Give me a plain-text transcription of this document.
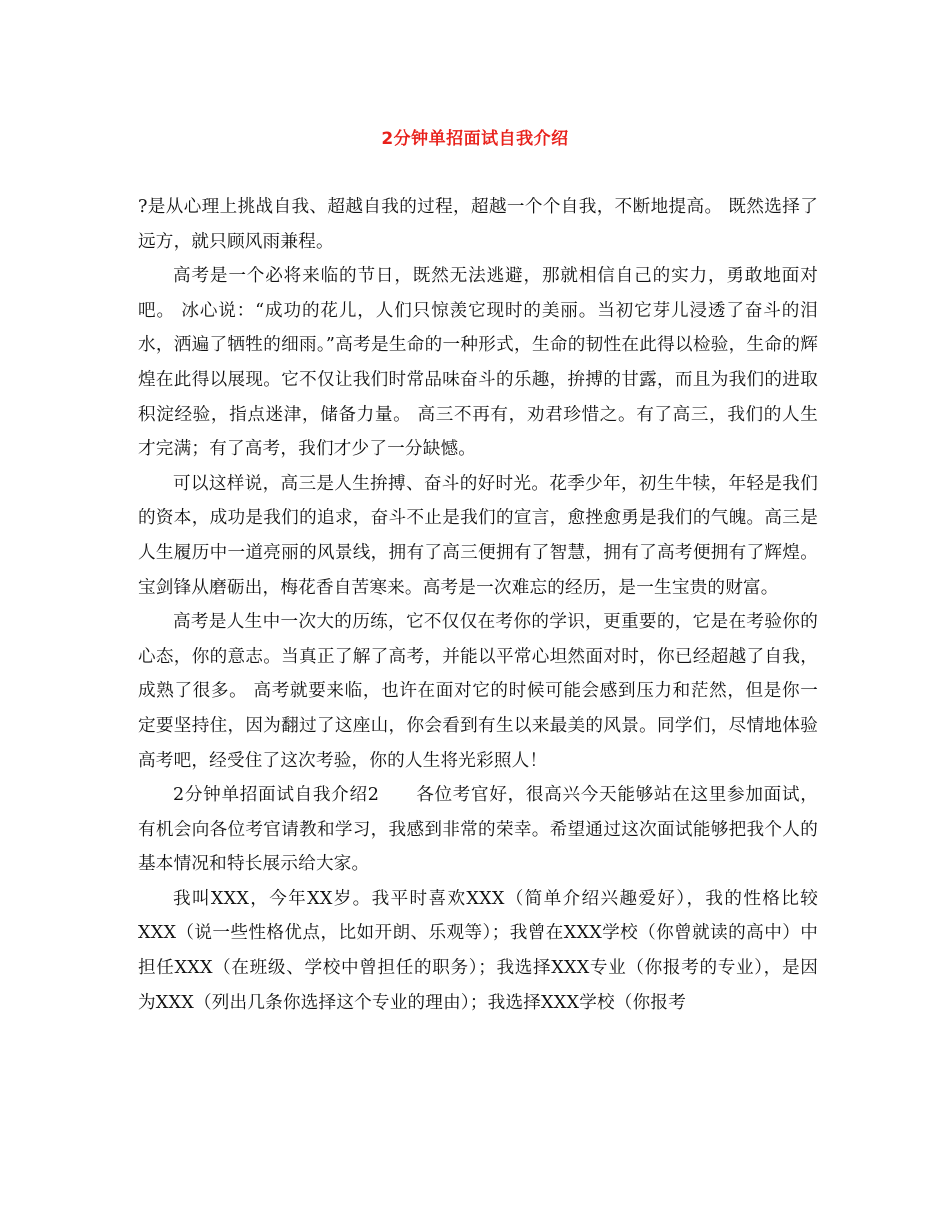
2分钟单招面试自我介绍

?是从心理上挑战自我、超越自我的过程，超越一个个自我，不断地提高。 既然选择了远方，就只顾风雨兼程。

高考是一个必将来临的节日，既然无法逃避，那就相信自己的实力，勇敢地面对吧。 冰心说：“成功的花儿，人们只惊羡它现时的美丽。当初它芽儿浸透了奋斗的泪水，洒遍了牺牲的细雨。”高考是生命的一种形式，生命的韧性在此得以检验，生命的辉煌在此得以展现。它不仅让我们时常品味奋斗的乐趣，拚搏的甘露，而且为我们的进取积淀经验，指点迷津，储备力量。 高三不再有，劝君珍惜之。有了高三，我们的人生才完满；有了高考，我们才少了一分缺憾。

可以这样说，高三是人生拚搏、奋斗的好时光。花季少年，初生牛犊，年轻是我们的资本，成功是我们的追求，奋斗不止是我们的宣言，愈挫愈勇是我们的气魄。高三是人生履历中一道亮丽的风景线，拥有了高三便拥有了智慧，拥有了高考便拥有了辉煌。 宝剑锋从磨砺出，梅花香自苦寒来。高考是一次难忘的经历，是一生宝贵的财富。

高考是人生中一次大的历练，它不仅仅在考你的学识，更重要的，它是在考验你的心态，你的意志。当真正了解了高考，并能以平常心坦然面对时，你已经超越了自我，成熟了很多。 高考就要来临，也许在面对它的时候可能会感到压力和茫然，但是你一定要坚持住，因为翻过了这座山，你会看到有生以来最美的风景。同学们，尽情地体验高考吧，经受住了这次考验，你的人生将光彩照人！

2分钟单招面试自我介绍2　　各位考官好，很高兴今天能够站在这里参加面试，有机会向各位考官请教和学习，我感到非常的荣幸。希望通过这次面试能够把我个人的基本情况和特长展示给大家。

我叫XXX，今年XX岁。我平时喜欢XXX（简单介绍兴趣爱好），我的性格比较XXX（说一些性格优点，比如开朗、乐观等）；我曾在XXX学校（你曾就读的高中）中担任XXX（在班级、学校中曾担任的职务）；我选择XXX专业（你报考的专业），是因为XXX（列出几条你选择这个专业的理由）；我选择XXX学校（你报考
